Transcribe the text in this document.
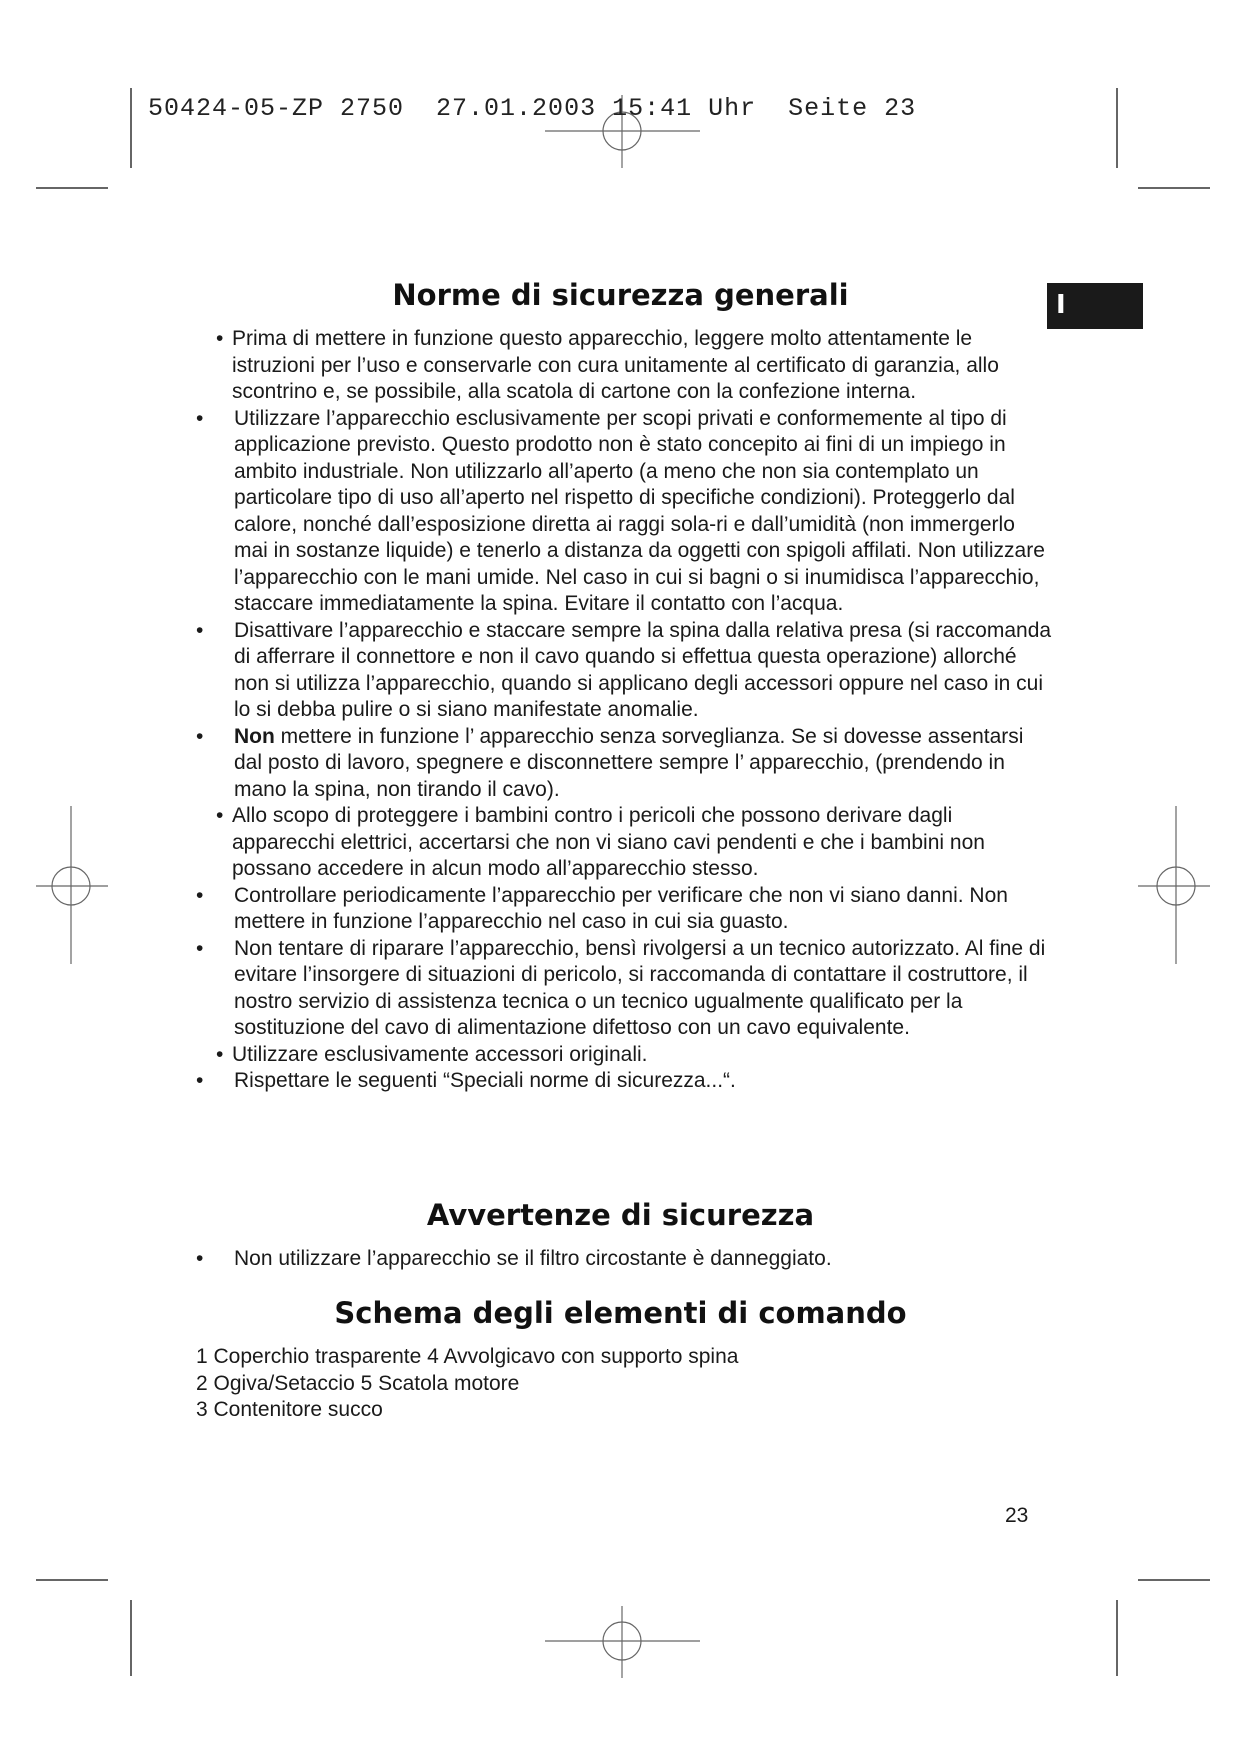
50424-05-ZP 2750  27.01.2003 15:41 Uhr  Seite 23
I
Norme di sicurezza generali
• Prima di mettere in funzione questo apparecchio, leggere molto attentamente le istruzioni per l’uso e conservarle con cura unitamente al certificato di garanzia, allo scontrino e, se possibile, alla scatola di cartone con la confezione interna.
• Utilizzare l’apparecchio esclusivamente per scopi privati e conformemente al tipo di applicazione previsto. Questo prodotto non è stato concepito ai fini di un impiego in ambito industriale. Non utilizzarlo all’aperto (a meno che non sia contemplato un particolare tipo di uso all’aperto nel rispetto di specifiche condizioni). Proteggerlo dal calore, nonché dall’esposizione diretta ai raggi sola-ri e dall’umidità (non immergerlo mai in sostanze liquide) e tenerlo a distanza da oggetti con spigoli affilati. Non utilizzare l’apparecchio con le mani umide. Nel caso in cui si bagni o si inumidisca l’apparecchio, staccare immediatamente la spina. Evitare il contatto con l’acqua.
• Disattivare l’apparecchio e staccare sempre la spina dalla relativa presa (si raccomanda di afferrare il connettore e non il cavo quando si effettua questa operazione) allorché non si utilizza l’apparecchio, quando si applicano degli accessori oppure nel caso in cui lo si debba pulire o si siano manifestate anomalie.
• Non mettere in funzione l’ apparecchio senza sorveglianza. Se si dovesse assentarsi dal posto di lavoro, spegnere e disconnettere sempre l’ apparecchio, (prendendo in mano la spina, non tirando il cavo).
• Allo scopo di proteggere i bambini contro i pericoli che possono derivare dagli apparecchi elettrici, accertarsi che non vi siano cavi pendenti e che i bambini non possano accedere in alcun modo all’apparecchio stesso.
• Controllare periodicamente l’apparecchio per verificare che non vi siano danni. Non mettere in funzione l’apparecchio nel caso in cui sia guasto.
• Non tentare di riparare l’apparecchio, bensì rivolgersi a un tecnico autorizzato. Al fine di evitare l’insorgere di situazioni di pericolo, si raccomanda di contattare il costruttore, il nostro servizio di assistenza tecnica o un tecnico ugualmente qualificato per la sostituzione del cavo di alimentazione difettoso con un cavo equivalente.
• Utilizzare esclusivamente accessori originali.
• Rispettare le seguenti “Speciali norme di sicurezza...“.
Avvertenze di sicurezza
• Non utilizzare l’apparecchio se il filtro circostante è danneggiato.
Schema degli elementi di comando
1 Coperchio trasparente 4 Avvolgicavo con supporto spina
2 Ogiva/Setaccio 5 Scatola motore
3 Contenitore succo
23
